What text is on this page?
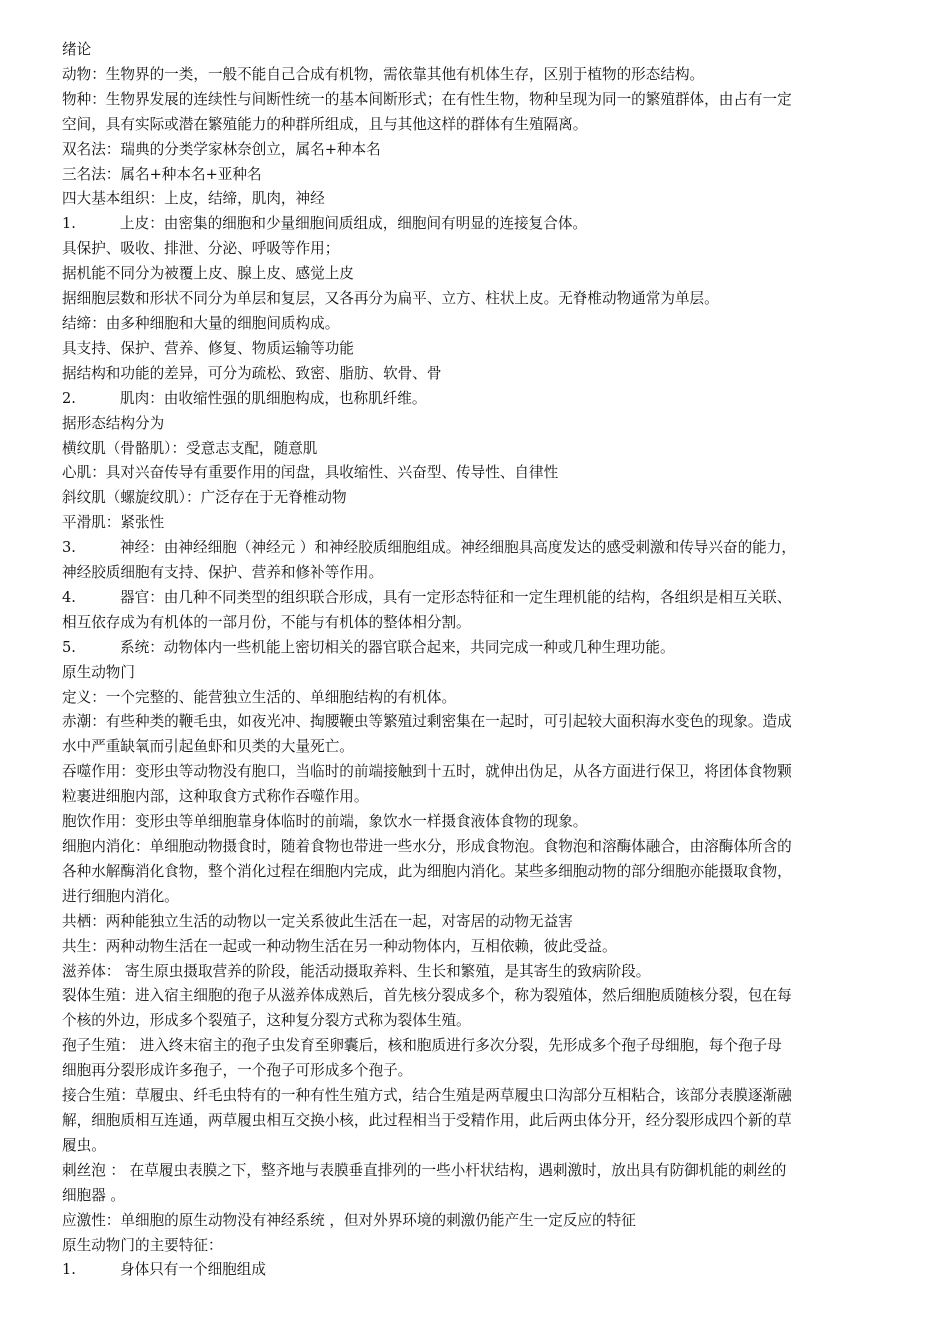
绪论
动物：生物界的一类，一般不能自己合成有机物，需依靠其他有机体生存，区别于植物的形态结构。
物种：生物界发展的连续性与间断性统一的基本间断形式；在有性生物，物种呈现为同一的繁殖群体，由占有一定
空间，具有实际或潜在繁殖能力的种群所组成，且与其他这样的群体有生殖隔离。
双名法：瑞典的分类学家林奈创立，属名+种本名
三名法：属名+种本名+亚种名
四大基本组织：上皮，结缔，肌肉，神经
1.	上皮：由密集的细胞和少量细胞间质组成，细胞间有明显的连接复合体。
具保护、吸收、排泄、分泌、呼吸等作用；
据机能不同分为被覆上皮、腺上皮、感觉上皮
据细胞层数和形状不同分为单层和复层，又各再分为扁平、立方、柱状上皮。无脊椎动物通常为单层。
结缔：由多种细胞和大量的细胞间质构成。
具支持、保护、营养、修复、物质运输等功能
据结构和功能的差异，可分为疏松、致密、脂肪、软骨、骨
2.	肌肉：由收缩性强的肌细胞构成，也称肌纤维。
据形态结构分为
横纹肌（骨骼肌）：受意志支配，随意肌
心肌：具对兴奋传导有重要作用的闰盘，具收缩性、兴奋型、传导性、自律性
斜纹肌（螺旋纹肌）：广泛存在于无脊椎动物
平滑肌：紧张性
3.	神经：由神经细胞（神经元 ）和神经胶质细胞组成。神经细胞具高度发达的感受刺激和传导兴奋的能力，
神经胶质细胞有支持、保护、营养和修补等作用。
4.	器官：由几种不同类型的组织联合形成，具有一定形态特征和一定生理机能的结构，各组织是相互关联、
相互依存成为有机体的一部月份，不能与有机体的整体相分割。
5.	系统：动物体内一些机能上密切相关的器官联合起来，共同完成一种或几种生理功能。
原生动物门
定义：一个完整的、能营独立生活的、单细胞结构的有机体。
赤潮：有些种类的鞭毛虫，如夜光冲、掏腰鞭虫等繁殖过剩密集在一起时，可引起较大面积海水变色的现象。造成
水中严重缺氧而引起鱼虾和贝类的大量死亡。
吞噬作用：变形虫等动物没有胞口，当临时的前端接触到十五时，就伸出伪足，从各方面进行保卫，将团体食物颗
粒裹进细胞内部，这种取食方式称作吞噬作用。
胞饮作用：变形虫等单细胞靠身体临时的前端，象饮水一样摄食液体食物的现象。
细胞内消化：单细胞动物摄食时，随着食物也带进一些水分，形成食物泡。食物泡和溶酶体融合，由溶酶体所含的
各种水解酶消化食物，整个消化过程在细胞内完成，此为细胞内消化。某些多细胞动物的部分细胞亦能摄取食物，
进行细胞内消化。
共栖：两种能独立生活的动物以一定关系彼此生活在一起，对寄居的动物无益害
共生：两种动物生活在一起或一种动物生活在另一种动物体内，互相依赖，彼此受益。
滋养体： 寄生原虫摄取营养的阶段，能活动摄取养料、生长和繁殖，是其寄生的致病阶段。
裂体生殖：进入宿主细胞的孢子从滋养体成熟后，首先核分裂成多个，称为裂殖体，然后细胞质随核分裂，包在每
个核的外边，形成多个裂殖子，这种复分裂方式称为裂体生殖。
孢子生殖： 进入终末宿主的孢子虫发育至卵囊后，核和胞质进行多次分裂，先形成多个孢子母细胞，每个孢子母
细胞再分裂形成许多孢子，一个孢子可形成多个孢子。
接合生殖：草履虫、纤毛虫特有的一种有性生殖方式，结合生殖是两草履虫口沟部分互相粘合，该部分表膜逐渐融
解，细胞质相互连通，两草履虫相互交换小核，此过程相当于受精作用，此后两虫体分开，经分裂形成四个新的草
履虫。
刺丝泡 ： 在草履虫表膜之下，整齐地与表膜垂直排列的一些小杆状结构，遇刺激时，放出具有防御机能的刺丝的
细胞器 。
应激性：单细胞的原生动物没有神经系统 ，但对外界环境的刺激仍能产生一定反应的特征
原生动物门的主要特征：
1.	身体只有一个细胞组成
